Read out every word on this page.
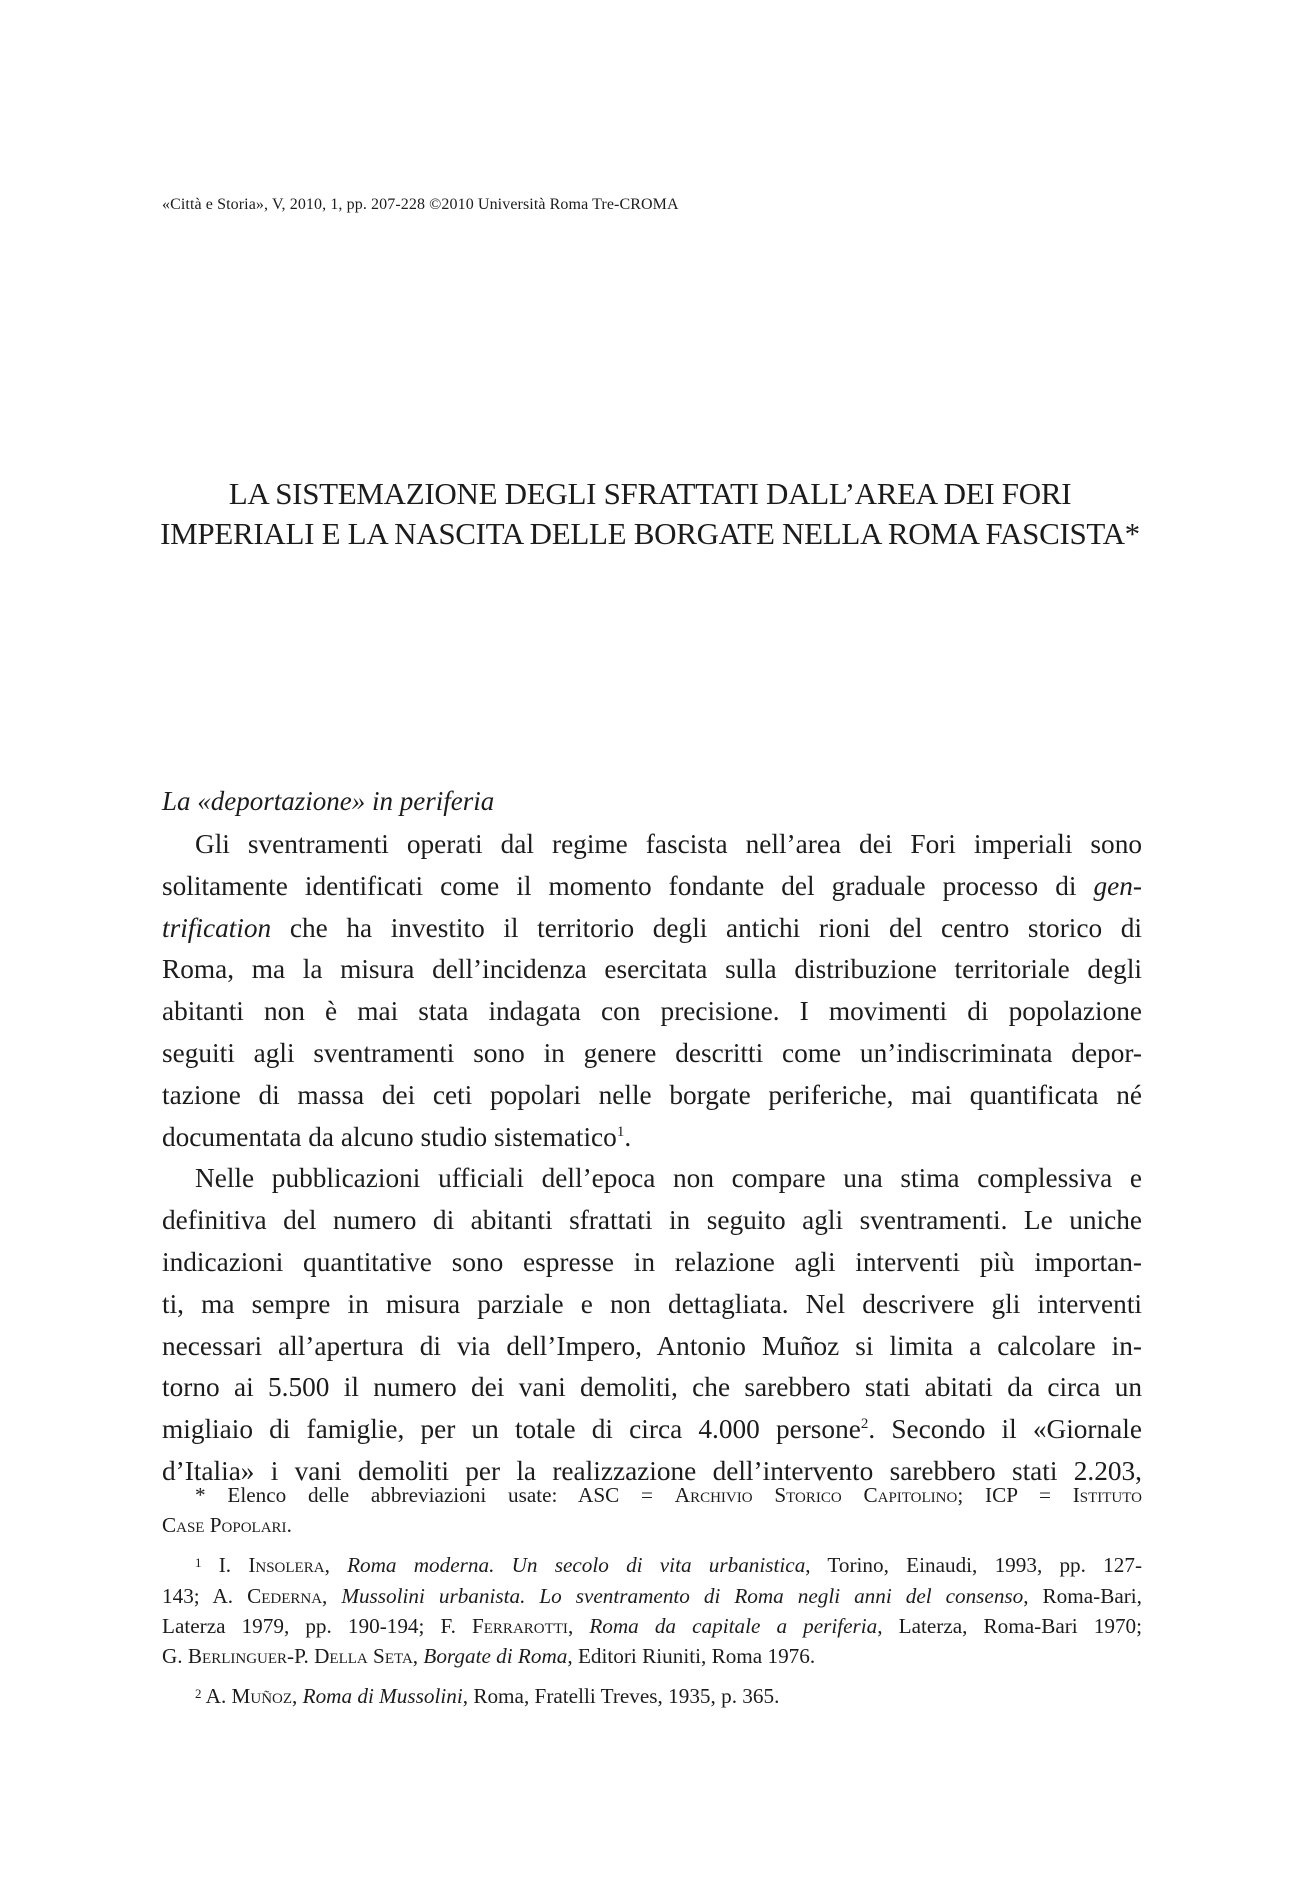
«Città e Storia», V, 2010, 1, pp. 207-228 ©2010 Università Roma Tre-CROMA
LA SISTEMAZIONE DEGLI SFRATTATI DALL’AREA DEI FORI
IMPERIALI E LA NASCITA DELLE BORGATE NELLA ROMA FASCISTA*
La «deportazione» in periferia
Gli sventramenti operati dal regime fascista nell’area dei Fori imperiali sono
solitamente identificati come il momento fondante del graduale processo di gen-
trification che ha investito il territorio degli antichi rioni del centro storico di
Roma, ma la misura dell’incidenza esercitata sulla distribuzione territoriale degli
abitanti non è mai stata indagata con precisione. I movimenti di popolazione
seguiti agli sventramenti sono in genere descritti come un’indiscriminata depor-
tazione di massa dei ceti popolari nelle borgate periferiche, mai quantificata né
documentata da alcuno studio sistematico$^1$.
Nelle pubblicazioni ufficiali dell’epoca non compare una stima complessiva e
definitiva del numero di abitanti sfrattati in seguito agli sventramenti. Le uniche
indicazioni quantitative sono espresse in relazione agli interventi più importan-
ti, ma sempre in misura parziale e non dettagliata. Nel descrivere gli interventi
necessari all’apertura di via dell’Impero, Antonio Muñoz si limita a calcolare in-
torno ai 5.500 il numero dei vani demoliti, che sarebbero stati abitati da circa un
migliaio di famiglie, per un totale di circa 4.000 persone$^2$. Secondo il «Giornale
d’Italia» i vani demoliti per la realizzazione dell’intervento sarebbero stati 2.203,
* Elenco delle abbreviazioni usate: ASC = Archivio Storico Capitolino; ICP = Istituto
Case Popolari.
$^1$ I. Insolera, Roma moderna. Un secolo di vita urbanistica, Torino, Einaudi, 1993, pp. 127-
143; A. Cederna, Mussolini urbanista. Lo sventramento di Roma negli anni del consenso, Roma-Bari,
Laterza 1979, pp. 190-194; F. Ferrarotti, Roma da capitale a periferia, Laterza, Roma-Bari 1970;
G. Berlinguer-P. Della Seta, Borgate di Roma, Editori Riuniti, Roma 1976.
$^2$ A. Muñoz, Roma di Mussolini, Roma, Fratelli Treves, 1935, p. 365.
